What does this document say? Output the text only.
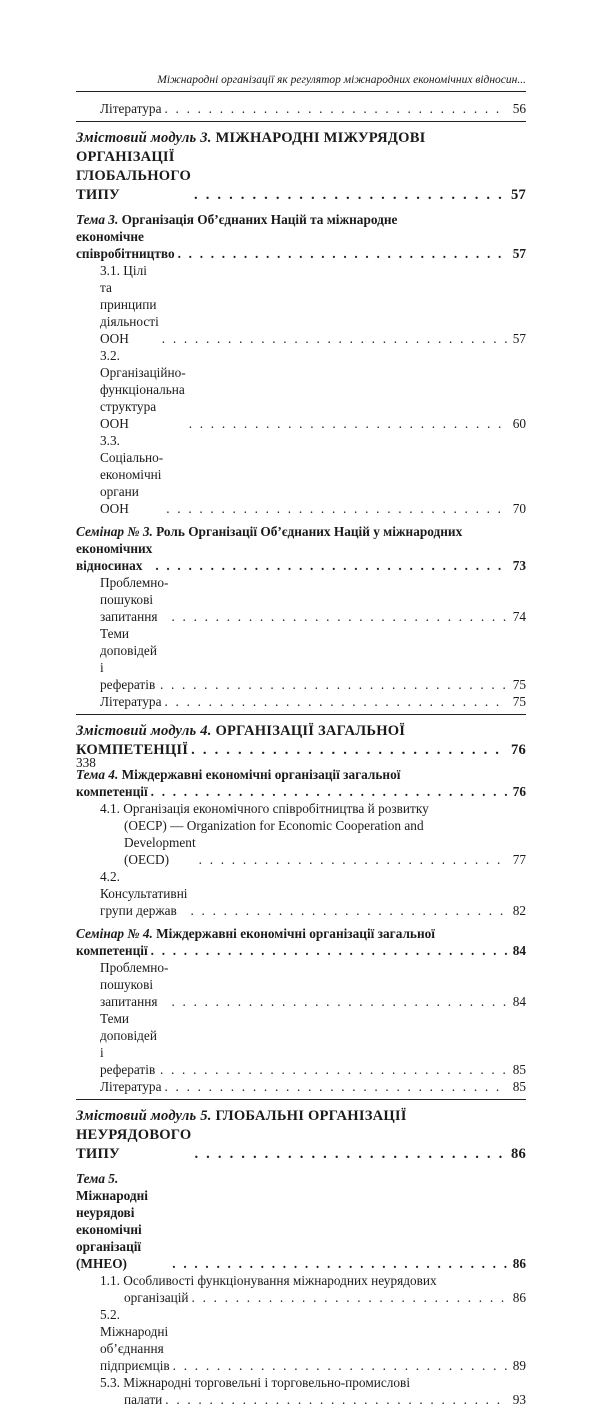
Міжнародні організації як регулятор міжнародних економічних відносин...
Література . . .	56
Змістовий модуль 3. МІЖНАРОДНІ МІЖУРЯДОВІ
ОРГАНІЗАЦІЇ ГЛОБАЛЬНОГО ТИПУ . . .	57
Тема 3. Організація Об’єднаних Націй та міжнародне
економічне співробітництво . . .	57
3.1. Цілі та принципи діяльності ООН . . .	57
3.2. Організаційно-функціональна структура ООН . . .	60
3.3. Соціально-економічні органи ООН . . .	70
Семінар № 3. Роль Організації Об’єднаних Націй у міжнародних
економічних відносинах . . .	73
Проблемно-пошукові запитання . . .	74
Теми доповідей і рефератів . . .	75
Література . . .	75
Змістовий модуль 4. ОРГАНІЗАЦІЇ ЗАГАЛЬНОЇ
КОМПЕТЕНЦІЇ . . .	76
Тема 4. Міждержавні економічні організації загальної
компетенції . . .	76
4.1. Організація економічного співробітництва й розвитку
(ОЕСР) — Organization for Economic Cooperation and
Development (OECD) . . .	77
4.2. Консультативні групи держав . . .	82
Семінар № 4. Міждержавні економічні організації загальної
компетенції . . .	84
Проблемно-пошукові запитання . . .	84
Теми доповідей і рефератів . . .	85
Література . . .	85
Змістовий модуль 5. ГЛОБАЛЬНІ ОРГАНІЗАЦІЇ
НЕУРЯДОВОГО ТИПУ . . .	86
Тема 5. Міжнародні неурядові економічні організації (МНЕО) . . .	86
1.1. Особливості функціонування міжнародних неурядових
організацій . . .	86
5.2. Міжнародні об’єднання підприємців . . .	89
5.3. Міжнародні торговельні і торговельно-промислові
палати . . .	93
338
